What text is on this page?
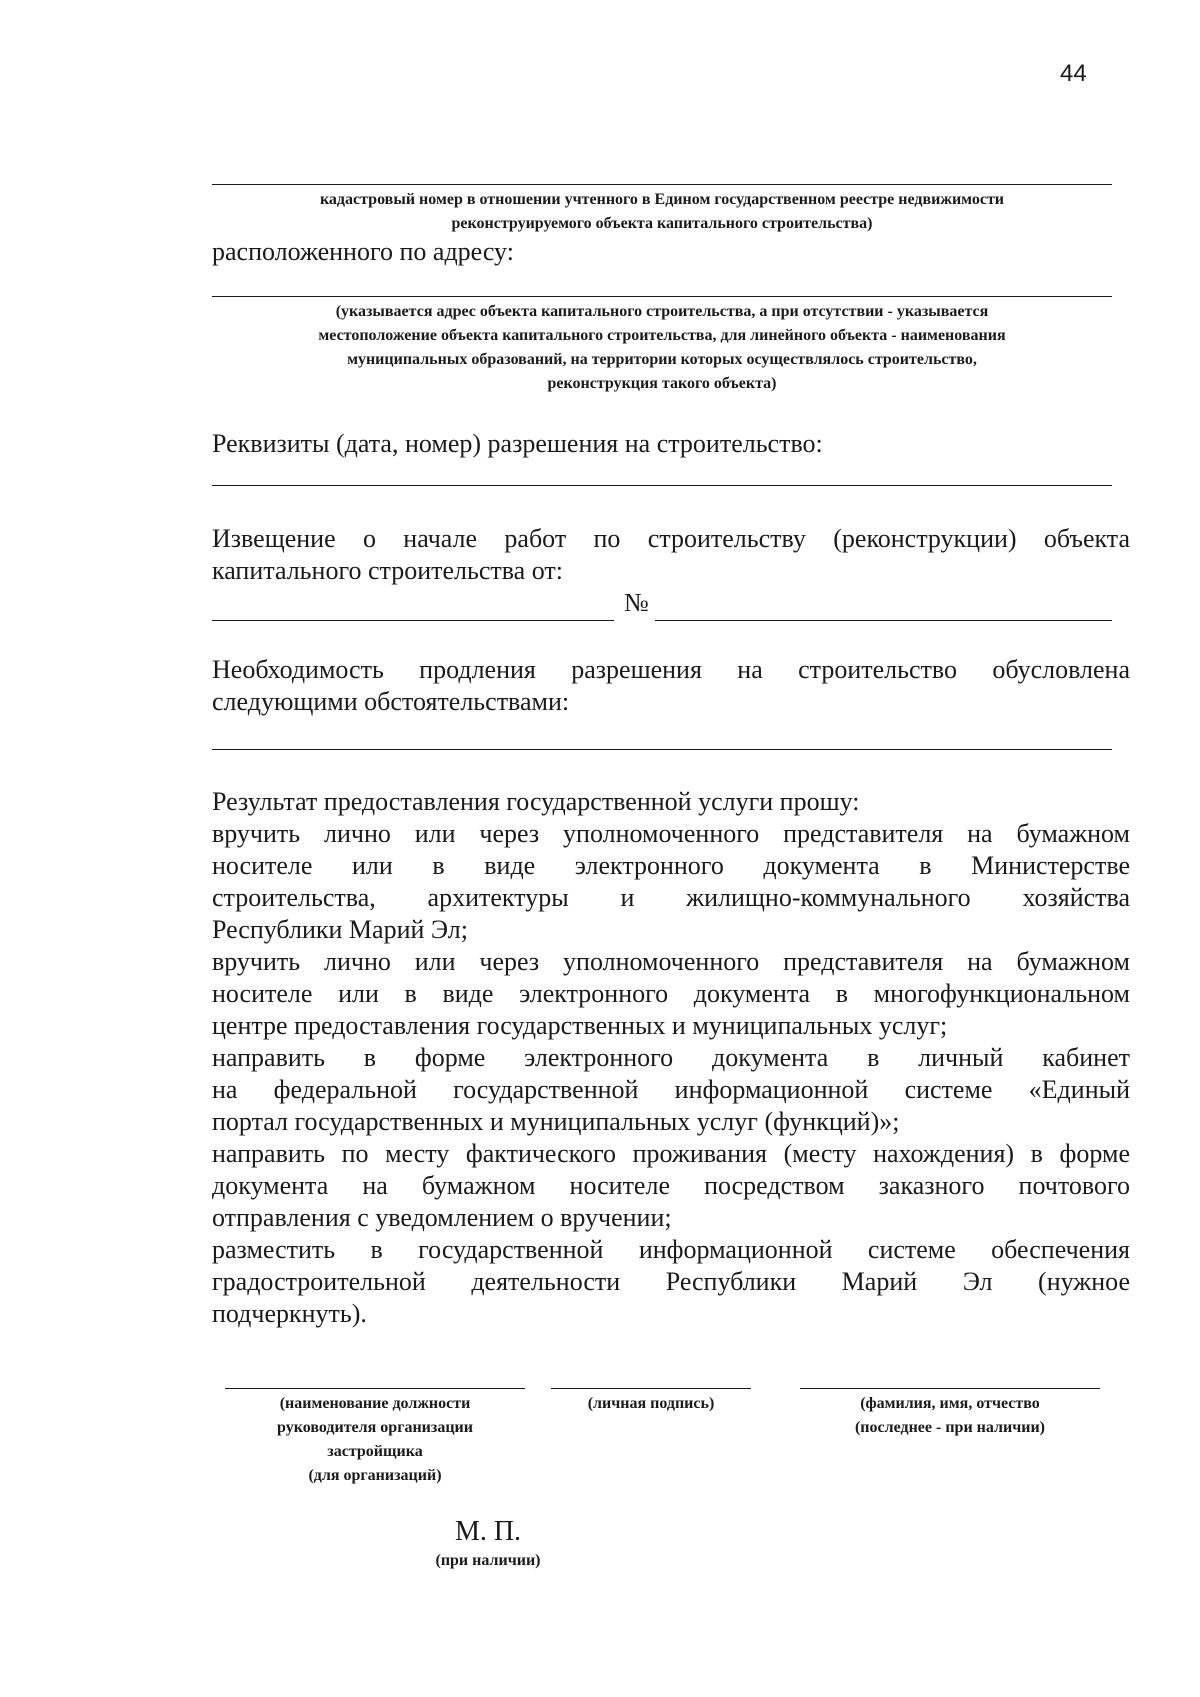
44
кадастровый номер в отношении учтенного в Едином государственном реестре недвижимости
реконструируемого объекта капитального строительства)
расположенного по адресу:
(указывается адрес объекта капитального строительства, а при отсутствии - указывается
местоположение объекта капитального строительства, для линейного объекта - наименования
муниципальных образований, на территории которых осуществлялось строительство,
реконструкция такого объекта)
Реквизиты (дата, номер) разрешения на строительство:
Извещение о начале работ по строительству (реконструкции) объекта
капитального строительства от:
№
Необходимость продления разрешения на строительство обусловлена
следующими обстоятельствами:
Результат предоставления государственной услуги прошу:
вручить лично или через уполномоченного представителя на бумажном
носителе или в виде электронного документа в Министерстве
строительства, архитектуры и жилищно-коммунального хозяйства
Республики Марий Эл;
вручить лично или через уполномоченного представителя на бумажном
носителе или в виде электронного документа в многофункциональном
центре предоставления государственных и муниципальных услуг;
направить в форме электронного документа в личный кабинет
на федеральной государственной информационной системе «Единый
портал государственных и муниципальных услуг (функций)»;
направить по месту фактического проживания (месту нахождения) в форме
документа на бумажном носителе посредством заказного почтового
отправления с уведомлением о вручении;
разместить в государственной информационной системе обеспечения
градостроительной деятельности Республики Марий Эл (нужное
подчеркнуть).
(наименование должности
руководителя организации
застройщика
(для организаций)
(личная подпись)	(фамилия, имя, отчество
(последнее - при наличии)
М. П.
(при наличии)
